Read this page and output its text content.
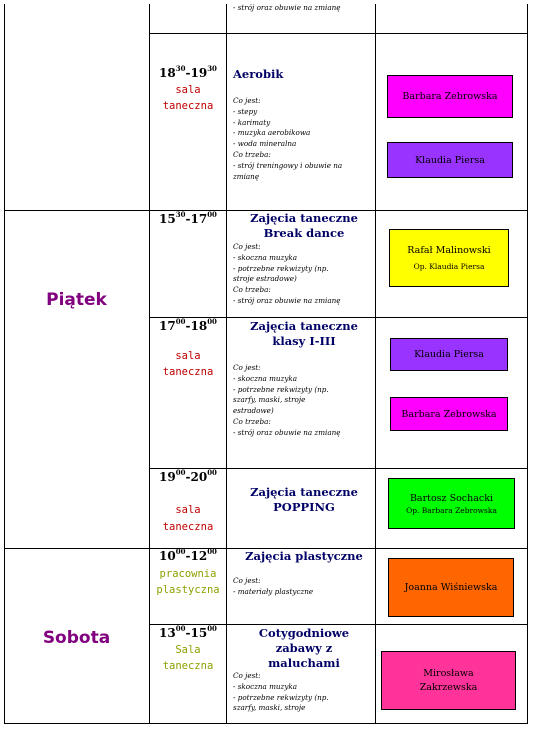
Piątek
Sobota
- strój oraz obuwie na zmianę
$18^{30}-19^{30}$
sala
taneczna
Aerobik
Co jest:
- stepy
- karimaty
- muzyka aerobikowa
- woda mineralna
Co trzeba:
- strój treningowy i obuwie na
zmianę
Barbara Zebrowska
Klaudia Piersa
$15^{30}-17^{00}$	Zajęcia taneczne Break dance
Co jest:
- skoczna muzyka
- potrzebne rekwizyty (np.
stroje estradowe)
Co trzeba:
- strój oraz obuwie na zmianę
Rafał Malinowski
Op. Klaudia Piersa
$17^{00}-18^{00}$
sala
taneczna
Zajęcia taneczne klasy I-III
Co jest:
- skoczna muzyka
- potrzebne rekwizyty (np.
szarfy, maski, stroje
estradowe)
Co trzeba:
- strój oraz obuwie na zmianę
Klaudia Piersa
Barbara Zebrowska
$19^{00}-20^{00}$
sala
taneczna
Zajęcia taneczne POPPING
Bartosz Sochacki
Op. Barbara Zebrowska
$10^{00}-12^{00}$
pracownia
plastyczna
Zajęcia plastyczne
Co jest:
- materiały plastyczne	Joanna Wiśniewska
$13^{00}-15^{00}$
Sala
taneczna
Cotygodniowe zabawy z maluchami
Co jest:
- skoczna muzyka
- potrzebne rekwizyty (np.
szarfy, maski, stroje
Mirosława Zakrzewska
